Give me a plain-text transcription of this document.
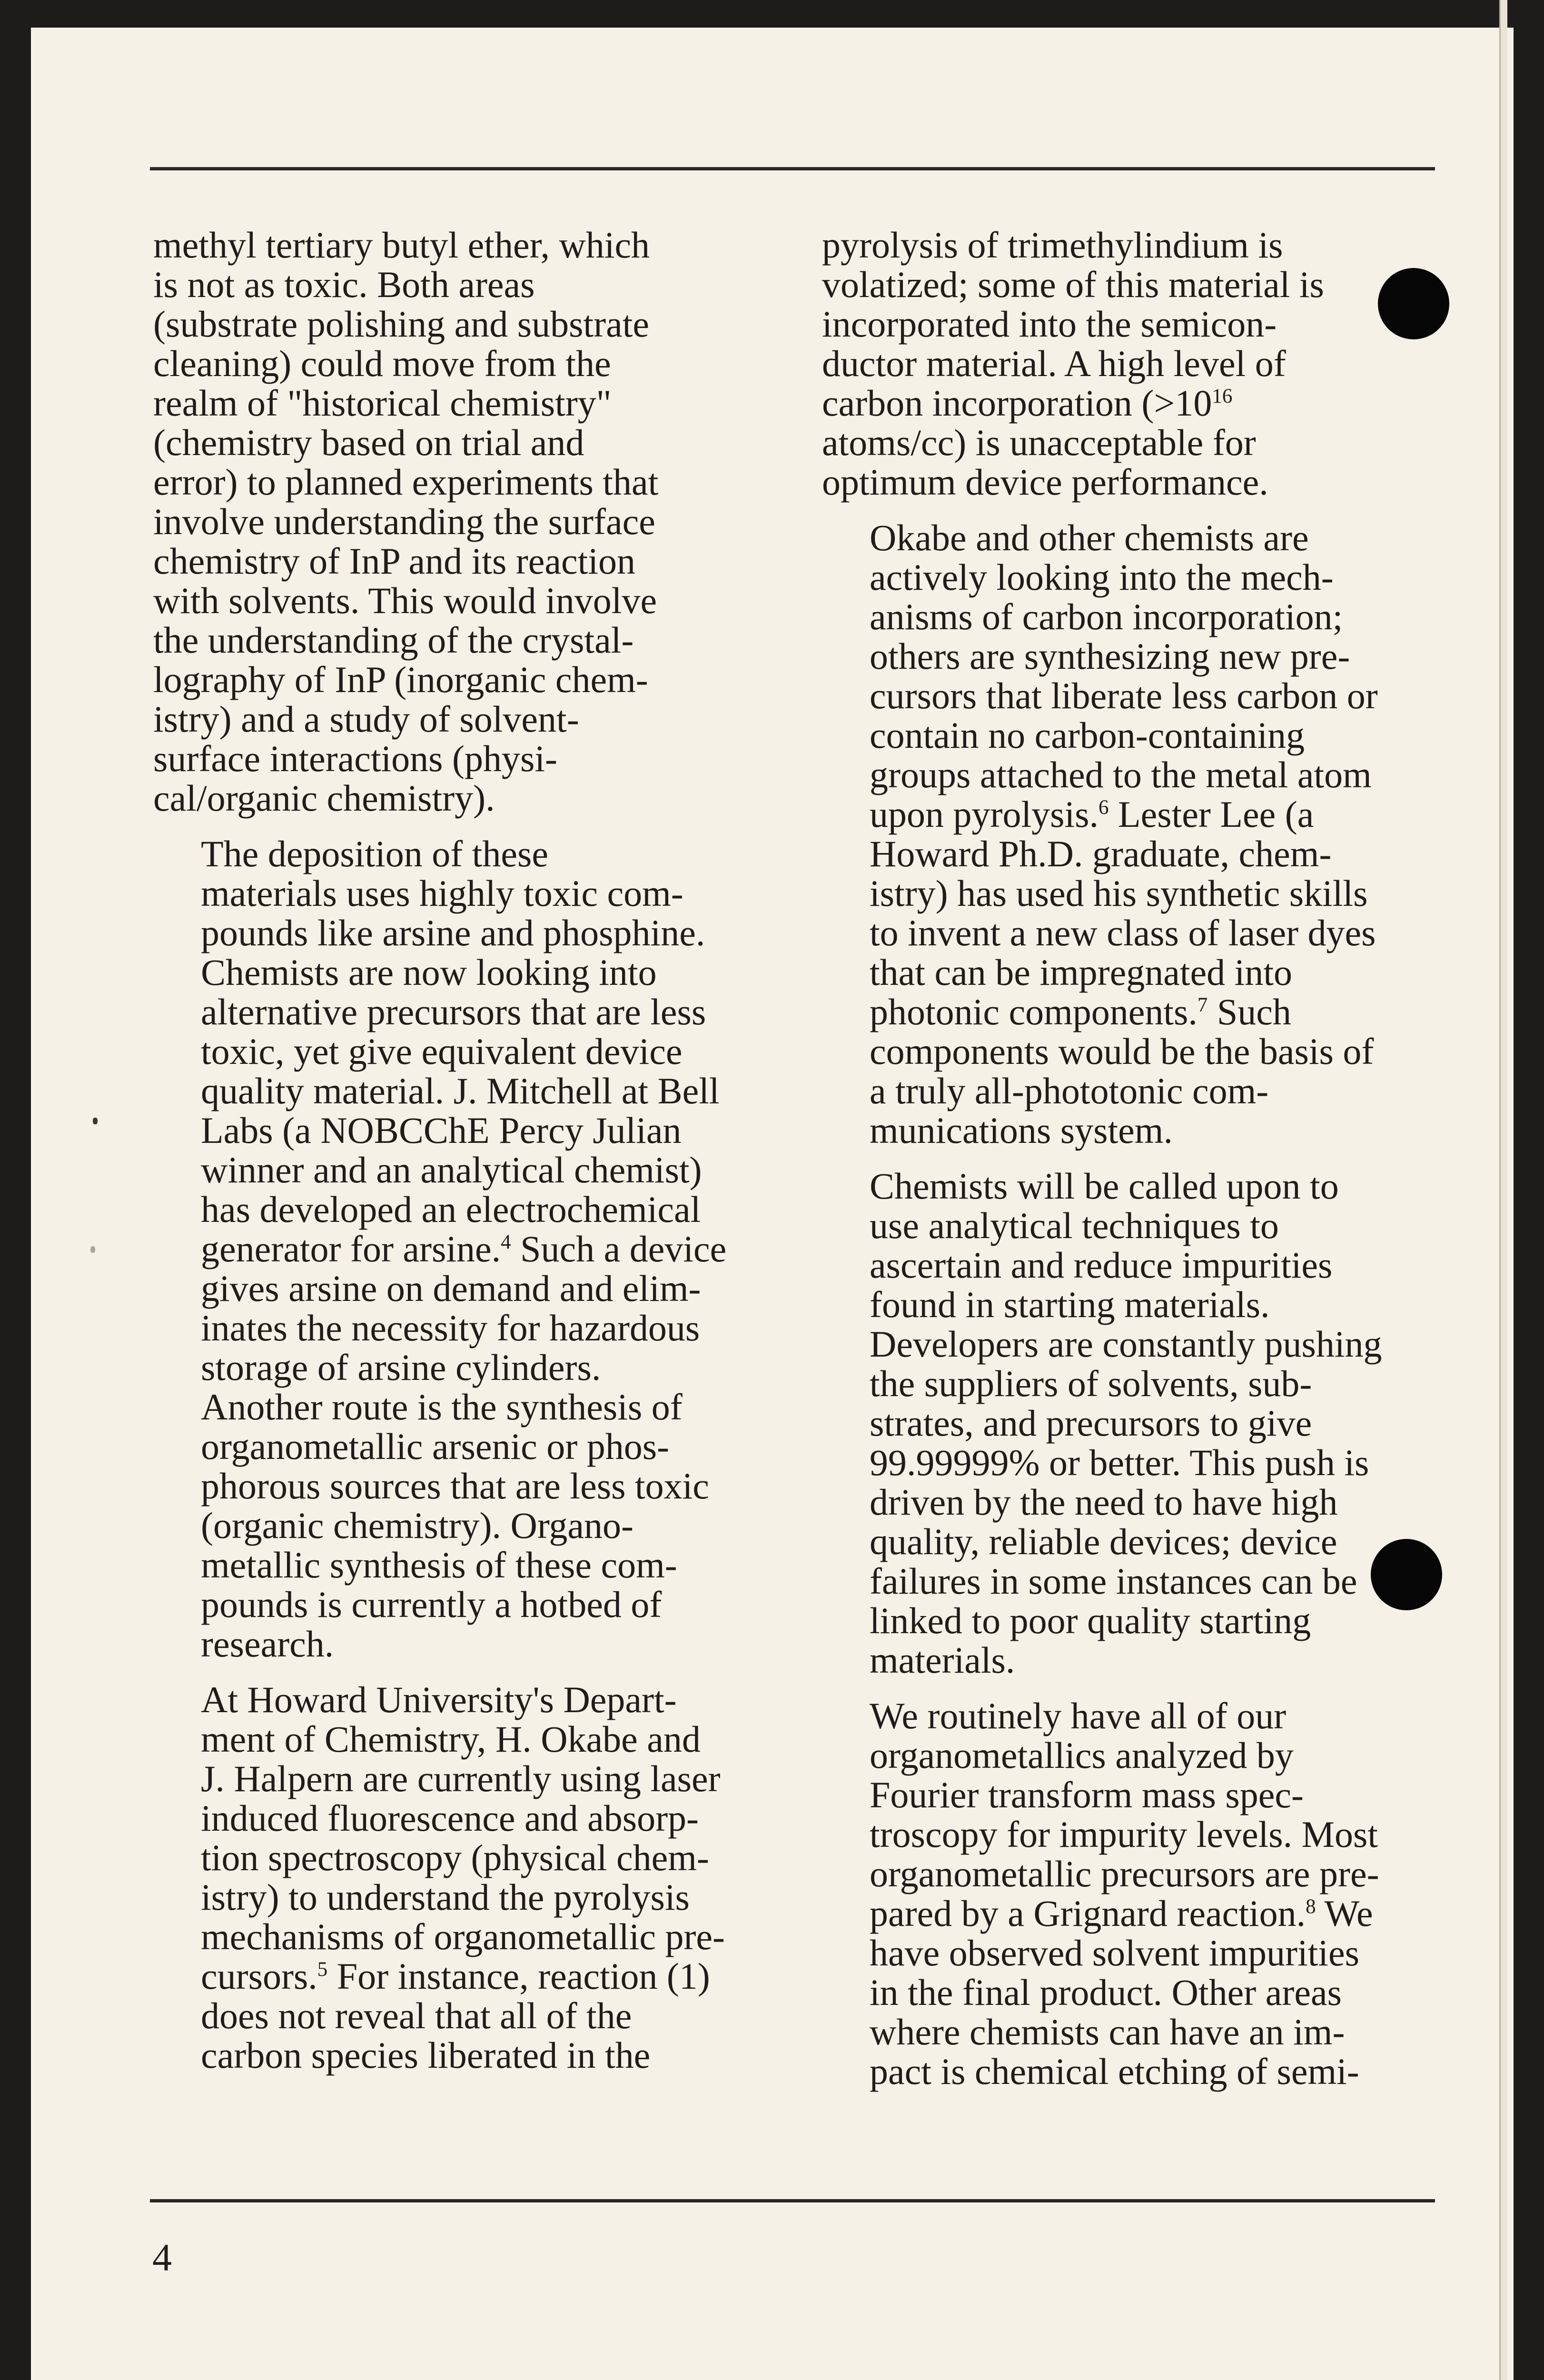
methyl tertiary butyl ether, which
is not as toxic. Both areas
(substrate polishing and substrate
cleaning) could move from the
realm of "historical chemistry"
(chemistry based on trial and
error) to planned experiments that
involve understanding the surface
chemistry of InP and its reaction
with solvents. This would involve
the understanding of the crystal-
lography of InP (inorganic chem-
istry) and a study of solvent-
surface interactions (physi-
cal/organic chemistry).
The deposition of these
materials uses highly toxic com-
pounds like arsine and phosphine.
Chemists are now looking into
alternative precursors that are less
toxic, yet give equivalent device
quality material. J. Mitchell at Bell
Labs (a NOBCChE Percy Julian
winner and an analytical chemist)
has developed an electrochemical
generator for arsine.$^4$ Such a device
gives arsine on demand and elim-
inates the necessity for hazardous
storage of arsine cylinders.
Another route is the synthesis of
organometallic arsenic or phos-
phorous sources that are less toxic
(organic chemistry). Organo-
metallic synthesis of these com-
pounds is currently a hotbed of
research.
At Howard University's Depart-
ment of Chemistry, H. Okabe and
J. Halpern are currently using laser
induced fluorescence and absorp-
tion spectroscopy (physical chem-
istry) to understand the pyrolysis
mechanisms of organometallic pre-
cursors.$^5$ For instance, reaction (1)
does not reveal that all of the
carbon species liberated in the
pyrolysis of trimethylindium is
volatized; some of this material is
incorporated into the semicon-
ductor material. A high level of
carbon incorporation ($>10^{16}$
atoms/cc) is unacceptable for
optimum device performance.
Okabe and other chemists are
actively looking into the mech-
anisms of carbon incorporation;
others are synthesizing new pre-
cursors that liberate less carbon or
contain no carbon-containing
groups attached to the metal atom
upon pyrolysis.$^6$ Lester Lee (a
Howard Ph.D. graduate, chem-
istry) has used his synthetic skills
to invent a new class of laser dyes
that can be impregnated into
photonic components.$^7$ Such
components would be the basis of
a truly all-phototonic com-
munications system.
Chemists will be called upon to
use analytical techniques to
ascertain and reduce impurities
found in starting materials.
Developers are constantly pushing
the suppliers of solvents, sub-
strates, and precursors to give
99.99999% or better. This push is
driven by the need to have high
quality, reliable devices; device
failures in some instances can be
linked to poor quality starting
materials.
We routinely have all of our
organometallics analyzed by
Fourier transform mass spec-
troscopy for impurity levels. Most
organometallic precursors are pre-
pared by a Grignard reaction.$^8$ We
have observed solvent impurities
in the final product. Other areas
where chemists can have an im-
pact is chemical etching of semi-
4
